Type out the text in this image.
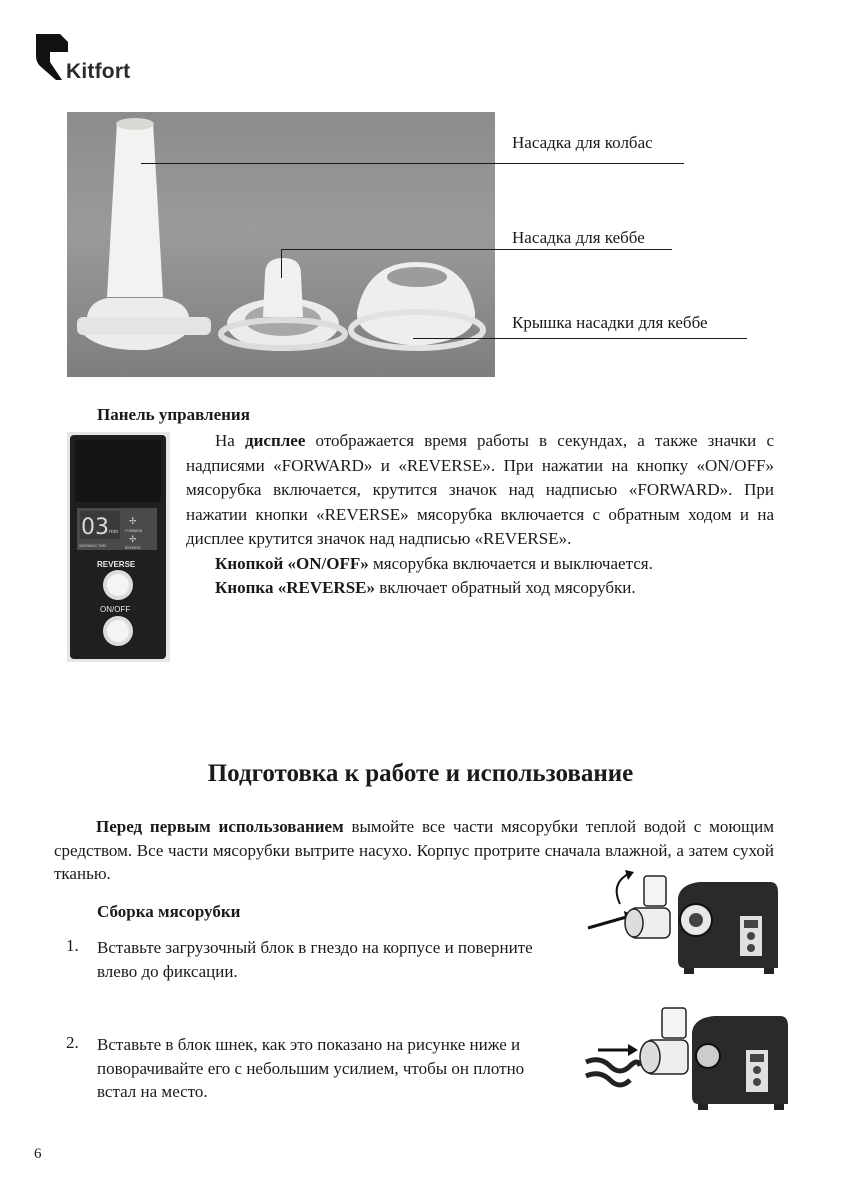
Kitfort
Насадка для колбас
Насадка для кеббе
Крышка насадки для кеббе
Панель управления
03 min
WORKING TIME
✢
FORWARD
✢
REVERSE
REVERSE
ON/OFF
На дисплее отображается время работы в секундах, а также значки с надписями «FORWARD» и «REVERSE». При нажатии на кнопку «ON/OFF» мясорубка включается, крутится значок над надписью «FORWARD». При нажатии кнопки «REVERSE» мясорубка включается с обратным ходом и на дисплее крутится значок над надписью «REVERSE».
Кнопкой «ON/OFF» мясорубка включается и выключается.
Кнопка «REVERSE» включает обратный ход мясорубки.
Подготовка к работе и использование
Перед первым использованием вымойте все части мясорубки теплой водой с моющим средством. Все части мясорубки вытрите насухо. Корпус протрите сначала влажной, а затем сухой тканью.
Сборка мясорубки
1. Вставьте загрузочный блок в гнездо на корпусе и поверните влево до фиксации.
2. Вставьте в блок шнек, как это показано на рисунке ниже и поворачивайте его с небольшим усилием, чтобы он плотно встал на место.
6
